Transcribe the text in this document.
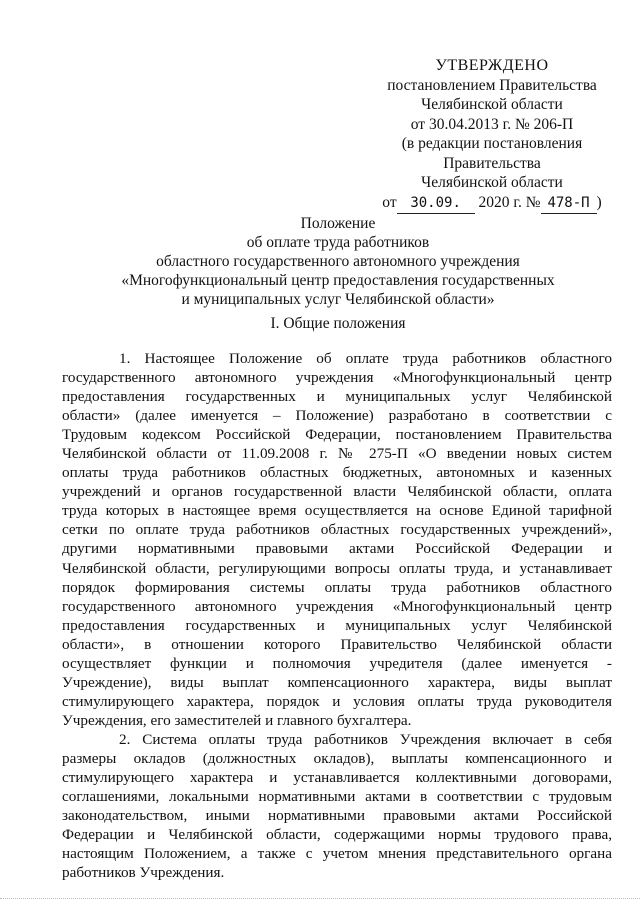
УТВЕРЖДЕНО
постановлением Правительства
Челябинской области
от 30.04.2013 г. № 206-П
(в редакции постановления
Правительства
Челябинской области
от 30.09. 2020 г. № 478-П )
Положение
об оплате труда работников
областного государственного автономного учреждения
«Многофункциональный центр предоставления государственных
и муниципальных услуг Челябинской области»
I. Общие положения
1. Настоящее Положение об оплате труда работников областного
государственного автономного учреждения «Многофункциональный центр
предоставления государственных и муниципальных услуг Челябинской
области» (далее именуется – Положение) разработано в соответствии с
Трудовым кодексом Российской Федерации, постановлением Правительства
Челябинской области от 11.09.2008 г. № 275-П «О введении новых систем
оплаты труда работников областных бюджетных, автономных и казенных
учреждений и органов государственной власти Челябинской области, оплата
труда которых в настоящее время осуществляется на основе Единой тарифной
сетки по оплате труда работников областных государственных учреждений»,
другими нормативными правовыми актами Российской Федерации и
Челябинской области, регулирующими вопросы оплаты труда, и устанавливает
порядок формирования системы оплаты труда работников областного
государственного автономного учреждения «Многофункциональный центр
предоставления государственных и муниципальных услуг Челябинской
области», в отношении которого Правительство Челябинской области
осуществляет функции и полномочия учредителя (далее именуется -
Учреждение), виды выплат компенсационного характера, виды выплат
стимулирующего характера, порядок и условия оплаты труда руководителя
Учреждения, его заместителей и главного бухгалтера.
2. Система оплаты труда работников Учреждения включает в себя
размеры окладов (должностных окладов), выплаты компенсационного и
стимулирующего характера и устанавливается коллективными договорами,
соглашениями, локальными нормативными актами в соответствии с трудовым
законодательством, иными нормативными правовыми актами Российской
Федерации и Челябинской области, содержащими нормы трудового права,
настоящим Положением, а также с учетом мнения представительного органа
работников Учреждения.
